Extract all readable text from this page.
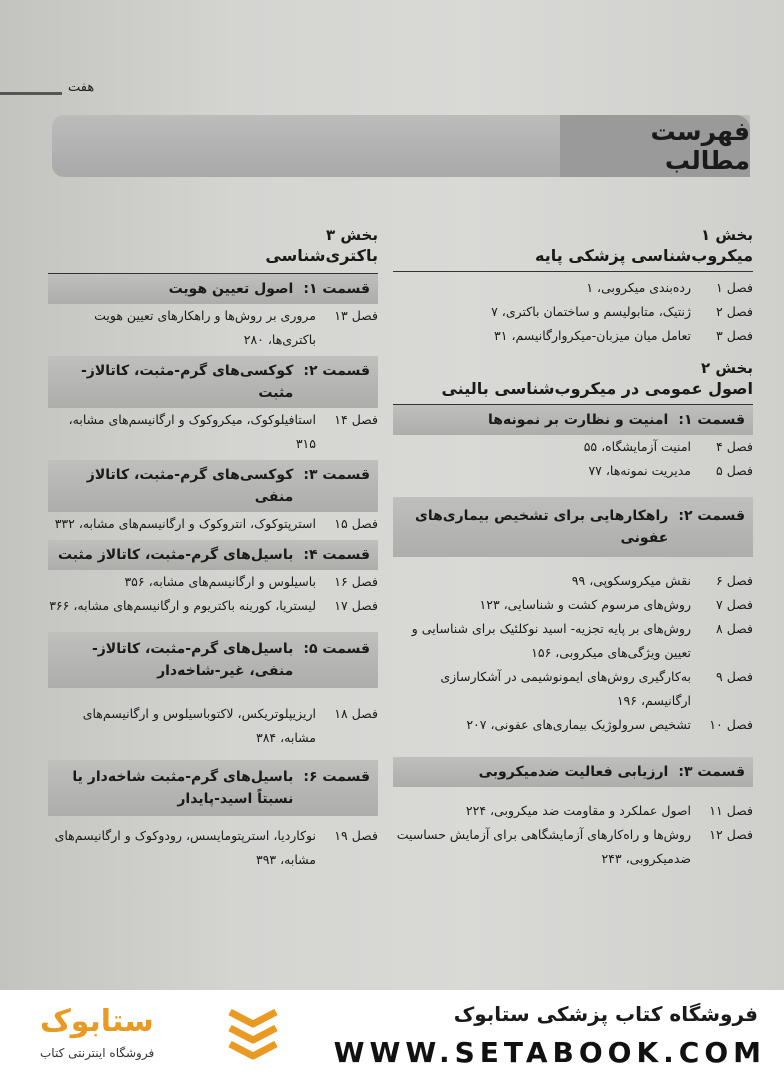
هفت
فهرست مطالب
بخش ۱
میکروب‌شناسی پزشکی پایه
فصل ۱
رده‌بندی میکروبی، ۱
فصل ۲
ژنتیک، متابولیسم و ساختمان باکتری، ۷
فصل ۳
تعامل میان میزبان-میکروارگانیسم، ۳۱
بخش ۲
اصول عمومی در میکروب‌شناسی بالینی
قسمت ۱:
امنیت و نظارت بر نمونه‌ها
فصل ۴
امنیت آزمایشگاه، ۵۵
فصل ۵
مدیریت نمونه‌ها، ۷۷
قسمت ۲:
راهکارهایی برای تشخیص بیماری‌های عفونی
فصل ۶
نقش میکروسکوپی، ۹۹
فصل ۷
روش‌های مرسوم کشت و شناسایی، ۱۲۳
فصل ۸
روش‌های بر پایه تجزیه- اسید نوکلئیک برای شناسایی و تعیین ویژگی‌های میکروبی، ۱۵۶
فصل ۹
به‌کارگیری روش‌های ایمونوشیمی در آشکارسازی ارگانیسم، ۱۹۶
فصل ۱۰
تشخیص سرولوژیک بیماری‌های عفونی، ۲۰۷
قسمت ۳:
ارزیابی فعالیت ضدمیکروبی
فصل ۱۱
اصول عملکرد و مقاومت ضد میکروبی، ۲۲۴
فصل ۱۲
روش‌ها و راه‌کارهای آزمایشگاهی برای آزمایش حساسیت ضدمیکروبی، ۲۴۳
بخش ۳
باکتری‌شناسی
قسمت ۱:
اصول تعیین هویت
فصل ۱۳
مروری بر روش‌ها و راهکارهای تعیین هویت باکتری‌ها، ۲۸۰
قسمت ۲:
کوکسی‌های گرم-مثبت، کاتالاز-مثبت
فصل ۱۴
استافیلوکوک، میکروکوک و ارگانیسم‌های مشابه، ۳۱۵
قسمت ۳:
کوکسی‌های گرم-مثبت، کاتالاز منفی
فصل ۱۵
استرپتوکوک، انتروکوک و ارگانیسم‌های مشابه، ۳۳۲
قسمت ۴:
باسیل‌های گرم-مثبت، کاتالاز مثبت
فصل ۱۶
باسیلوس و ارگانیسم‌های مشابه، ۳۵۶
فصل ۱۷
لیستریا، کورینه باکتریوم و ارگانیسم‌های مشابه، ۳۶۶
قسمت ۵:
باسیل‌های گرم-مثبت، کاتالاز-منفی، غیر-شاخه‌دار
فصل ۱۸
اریزیپلوتریکس، لاکتوباسیلوس و ارگانیسم‌های مشابه، ۳۸۴
قسمت ۶:
باسیل‌های گرم-مثبت شاخه‌دار یا نسبتاً اسید-پایدار
فصل ۱۹
نوکاردیا، استرپتومایسس، رودوکوک و ارگانیسم‌های مشابه، ۳۹۳
فروشگاه کتاب پزشکی ستابوک
WWW.SETABOOK.COM
ستابوک
فروشگاه اینترنتی کتاب
